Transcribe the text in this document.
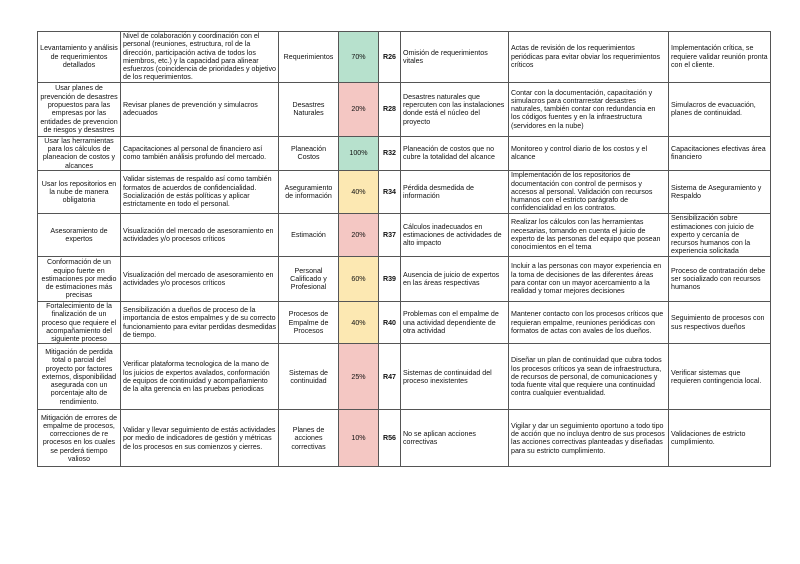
Levantamiento y análisis de requerimientos detallados	Nivel de colaboración y coordinación con el personal (reuniones, estructura, rol de la dirección, participación activa de todos los miembros, etc.) y la capacidad para alinear esfuerzos (coincidencia de prioridades y objetivo de los requerimientos.	Requerimientos	70%	R26	Omisión de requerimientos vitales	Actas de revisión de los requerimientos periódicas para evitar obviar los requerimientos críticos	Implementación crítica, se requiere validar reunión pronta con el cliente.
Usar planes de prevención de desastres propuestos para las empresas por las entidades de prevencion de riesgos y desastres	Revisar planes de prevención y simulacros adecuados	Desastres Naturales	20%	R28	Desastres naturales que repercuten con las instalaciones donde está el núcleo del proyecto	Contar con la documentación, capacitación y simulacros para contrarrestar desastres naturales, también contar con redundancia en los códigos fuentes y en la infraestructura (servidores en la nube)	Simulacros de evacuación, planes de continuidad.
Usar las herramientas para los cálculos de planeacion de costos y alcances	Capacitaciones al personal de financiero así como también análisis profundo del mercado.	Planeación Costos	100%	R32	Planeación de costos que no cubre la totalidad del alcance	Monitoreo y control diario de los costos y el alcance	Capacitaciones efectivas área financiero
Usar los repositorios en la nube de manera obligatoria	Validar sistemas de respaldo así como también formatos de acuerdos de confidencialidad. Socialización de estás políticas y aplicar estrictamente en todo el personal.	Aseguramiento de información	40%	R34	Pérdida desmedida de información	Implementación de los repositorios de documentación con control de permisos y accesos al personal. Validación con recursos humanos con el estricto parágrafo de confidencialidad en los contratos.	Sistema de Aseguramiento y Respaldo
Asesoramiento de expertos	Visualización del mercado de asesoramiento en actividades y/o procesos críticos	Estimación	20%	R37	Cálculos inadecuados en estimaciones de actividades de alto impacto	Realizar los cálculos con las herramientas necesarias, tomando en cuenta el juicio de experto de las personas del equipo que posean conocimientos en el tema	Sensibilización sobre estimaciones con juicio de experto y cercanía de recursos humanos con la experiencia solicitada
Conformación de un equipo fuerte en estimaciones por medio de estimaciones más precisas	Visualización del mercado de asesoramiento en actividades y/o procesos críticos	Personal Calificado y Profesional	60%	R39	Ausencia de juicio de expertos en las áreas respectivas	Incluir a las personas con mayor experiencia en la toma de decisiones de las diferentes áreas para contar con un mayor acercamiento a la realidad y tomar mejores decisiones	Proceso de contratación debe ser socializado con recursos humanos
Fortalecimiento de la finalización de un proceso que requiere el acompañamiento del siguiente proceso	Sensibilización a dueños de proceso de la importancia de estos empalmes y de su correcto funcionamiento para evitar perdidas desmedidas de tiempo.	Procesos de Empalme de Procesos	40%	R40	Problemas con el empalme de una actividad dependiente de otra actividad	Mantener contacto con los procesos críticos que requieran empalme, reuniones periódicas con formatos de actas con avales de los dueños.	Seguimiento de procesos con sus respectivos dueños
Mitigación de perdida total o parcial del proyecto por factores externos, disponibilidad asegurada con un porcentaje alto de rendimiento.	Verificar plataforma tecnologica de la mano de los juicios de expertos avalados, conformación de equipos de continuidad y acompañamiento de la alta gerencia en las pruebas periodicas	Sistemas de continuidad	25%	R47	Sistemas de continuidad del proceso inexistentes	Diseñar un plan de continuidad que cubra todos los procesos críticos ya sean de infraestructura, de recursos de personal, de comunicaciones y toda fuente vital que requiere una continuidad contra cualquier eventualidad.	Verificar sistemas que requieren contingencia local.
Mitigación de errores de empalme de procesos, correcciones de re procesos en los cuales se perderá tiempo valioso	Validar y llevar seguimiento de estás actividades por medio de indicadores de gestión y métricas de los procesos en sus comienzos y cierres.	Planes de acciones correctivas	10%	R56	No se aplican acciones correctivas	Vigilar y dar un seguimiento oportuno a todo tipo de acción que no incluya dentro de sus procesos las acciones correctivas planteadas y diseñadas para su estricto cumplimiento.	Validaciones de estricto cumplimiento.
